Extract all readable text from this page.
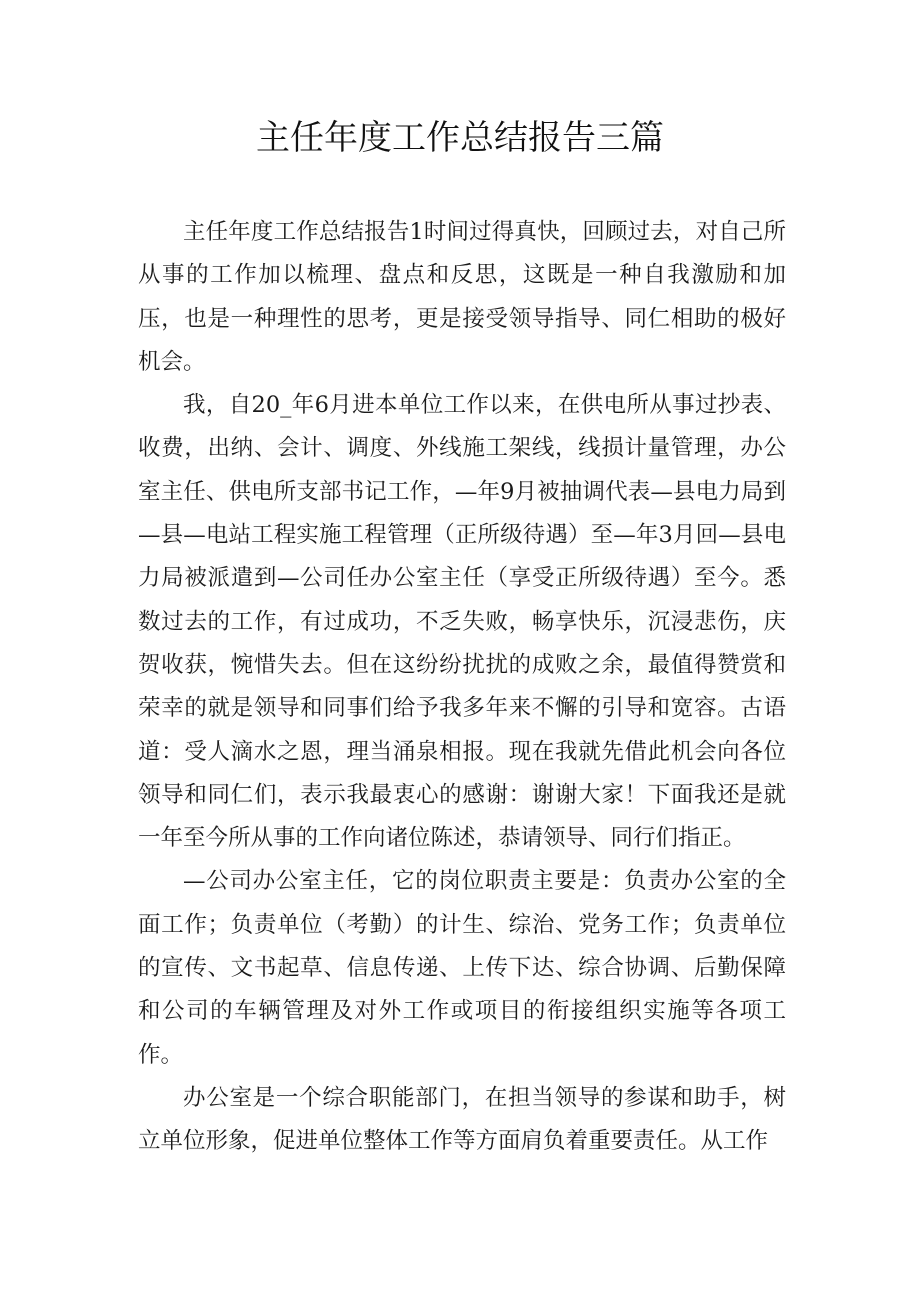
主任年度工作总结报告三篇

主任年度工作总结报告1时间过得真快，回顾过去，对自己所从事的工作加以梳理、盘点和反思，这既是一种自我激励和加压，也是一种理性的思考，更是接受领导指导、同仁相助的极好机会。

我，自20_年6月进本单位工作以来，在供电所从事过抄表、收费，出纳、会计、调度、外线施工架线，线损计量管理，办公室主任、供电所支部书记工作，—年9月被抽调代表—县电力局到—县—电站工程实施工程管理（正所级待遇）至—年3月回—县电力局被派遣到—公司任办公室主任（享受正所级待遇）至今。悉数过去的工作，有过成功，不乏失败，畅享快乐，沉浸悲伤，庆贺收获，惋惜失去。但在这纷纷扰扰的成败之余，最值得赞赏和荣幸的就是领导和同事们给予我多年来不懈的引导和宽容。古语道：受人滴水之恩，理当涌泉相报。现在我就先借此机会向各位领导和同仁们，表示我最衷心的感谢：谢谢大家！下面我还是就一年至今所从事的工作向诸位陈述，恭请领导、同行们指正。

—公司办公室主任，它的岗位职责主要是：负责办公室的全面工作；负责单位（考勤）的计生、综治、党务工作；负责单位的宣传、文书起草、信息传递、上传下达、综合协调、后勤保障和公司的车辆管理及对外工作或项目的衔接组织实施等各项工作。

办公室是一个综合职能部门，在担当领导的参谋和助手，树立单位形象，促进单位整体工作等方面肩负着重要责任。从工作
